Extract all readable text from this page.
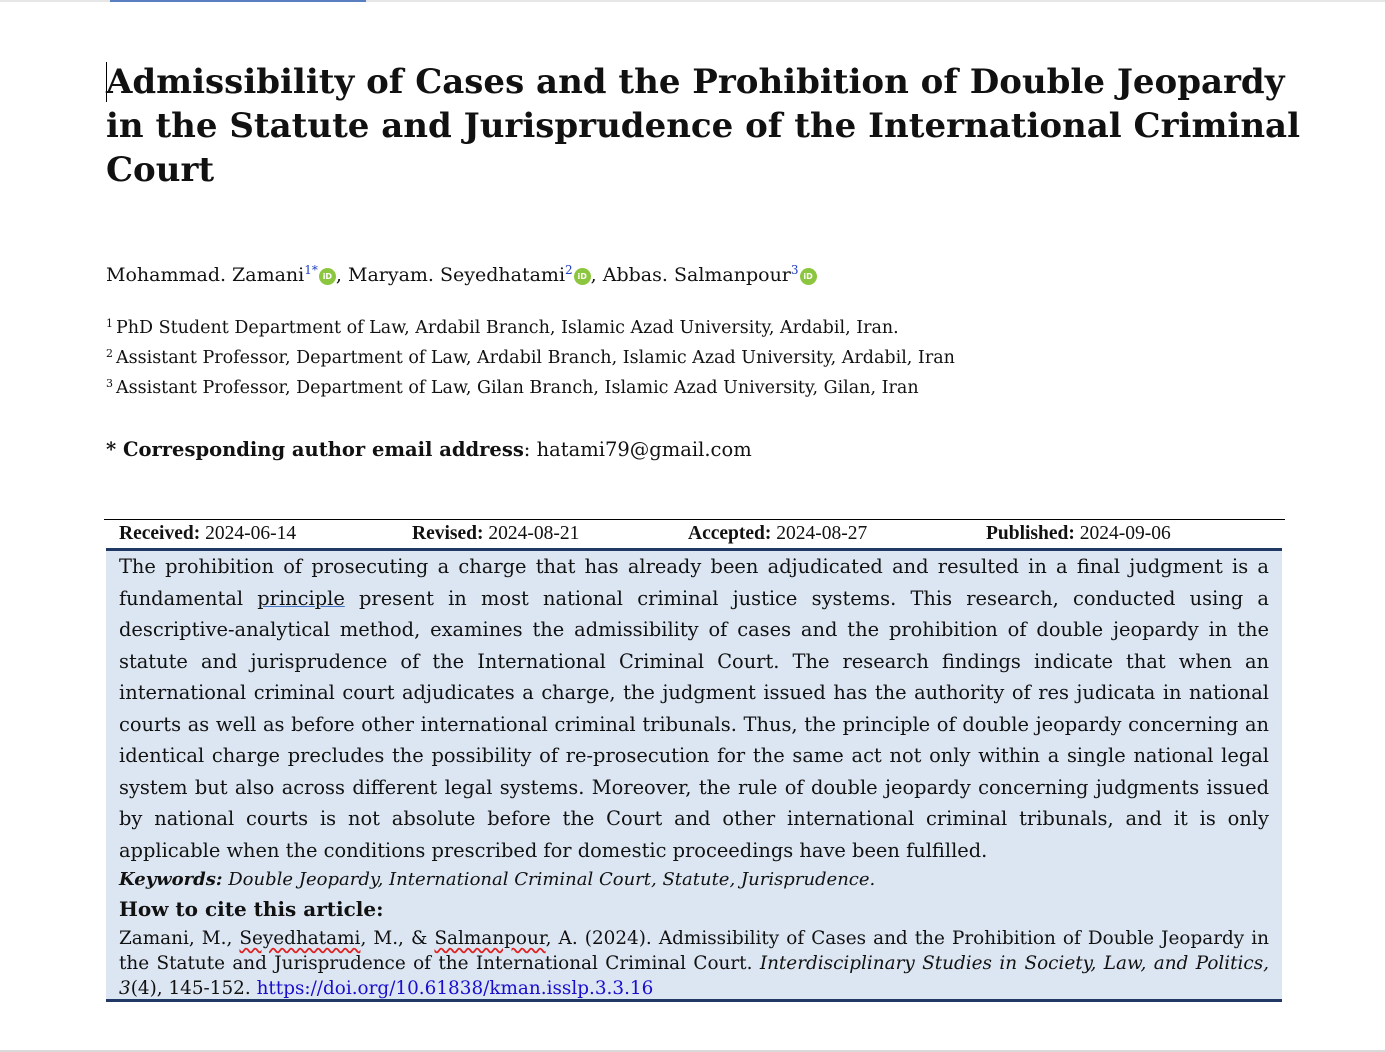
Admissibility of Cases and the Prohibition of Double Jeopardy in the Statute and Jurisprudence of the International Criminal Court
Mohammad. Zamani$^{1*}$ iD , Maryam. Seyedhatami$^2$ iD , Abbas. Salmanpour$^3$ iD
$^1$ PhD Student Department of Law, Ardabil Branch, Islamic Azad University, Ardabil, Iran.
$^2$ Assistant Professor, Department of Law, Ardabil Branch, Islamic Azad University, Ardabil, Iran
$^3$ Assistant Professor, Department of Law, Gilan Branch, Islamic Azad University, Gilan, Iran
* Corresponding author email address: hatami79@gmail.com
Received: 2024-06-14	Revised: 2024-08-21	Accepted: 2024-08-27	Published: 2024-09-06

The prohibition of prosecuting a charge that has already been adjudicated and resulted in a final judgment is a fundamental principle present in most national criminal justice systems. This research, conducted using a descriptive-analytical method, examines the admissibility of cases and the prohibition of double jeopardy in the statute and jurisprudence of the International Criminal Court. The research findings indicate that when an international criminal court adjudicates a charge, the judgment issued has the authority of res judicata in national courts as well as before other international criminal tribunals. Thus, the principle of double jeopardy concerning an identical charge precludes the possibility of re-prosecution for the same act not only within a single national legal system but also across different legal systems. Moreover, the rule of double jeopardy concerning judgments issued by national courts is not absolute before the Court and other international criminal tribunals, and it is only applicable when the conditions prescribed for domestic proceedings have been fulfilled.

Keywords: Double Jeopardy, International Criminal Court, Statute, Jurisprudence.
How to cite this article:

Zamani, M., Seyedhatami, M., & Salmanpour, A. (2024). Admissibility of Cases and the Prohibition of Double Jeopardy in the Statute and Jurisprudence of the International Criminal Court. Interdisciplinary Studies in Society, Law, and Politics, 3(4), 145-152. https://doi.org/10.61838/kman.isslp.3.3.16
